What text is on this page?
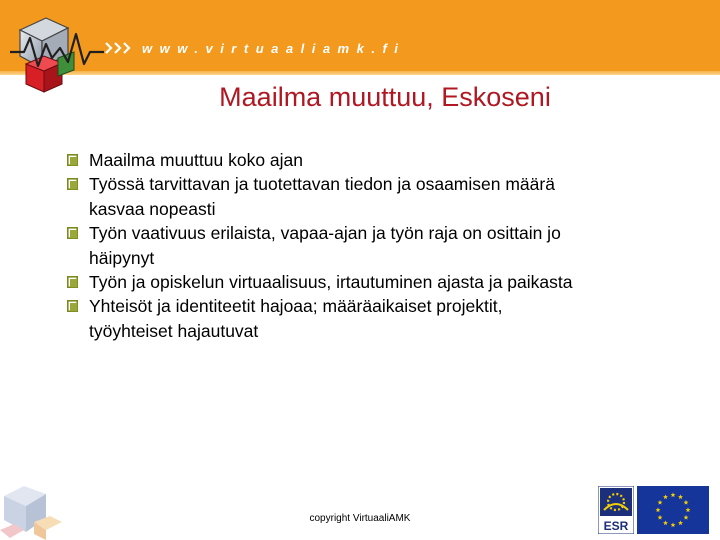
www.virtuaaliamk.fi
Maailma muuttuu, Eskoseni
Maailma muuttuu koko ajan
Työssä tarvittavan ja tuotettavan tiedon ja osaamisen määrä
kasvaa nopeasti
Työn vaativuus erilaista, vapaa-ajan ja työn raja on osittain jo
häipynyt
Työn ja opiskelun virtuaalisuus, irtautuminen ajasta ja paikasta
Yhteisöt ja identiteetit hajoaa; määräaikaiset projektit,
työyhteiset hajautuvat
copyright VirtuaaliAMK
ESR
